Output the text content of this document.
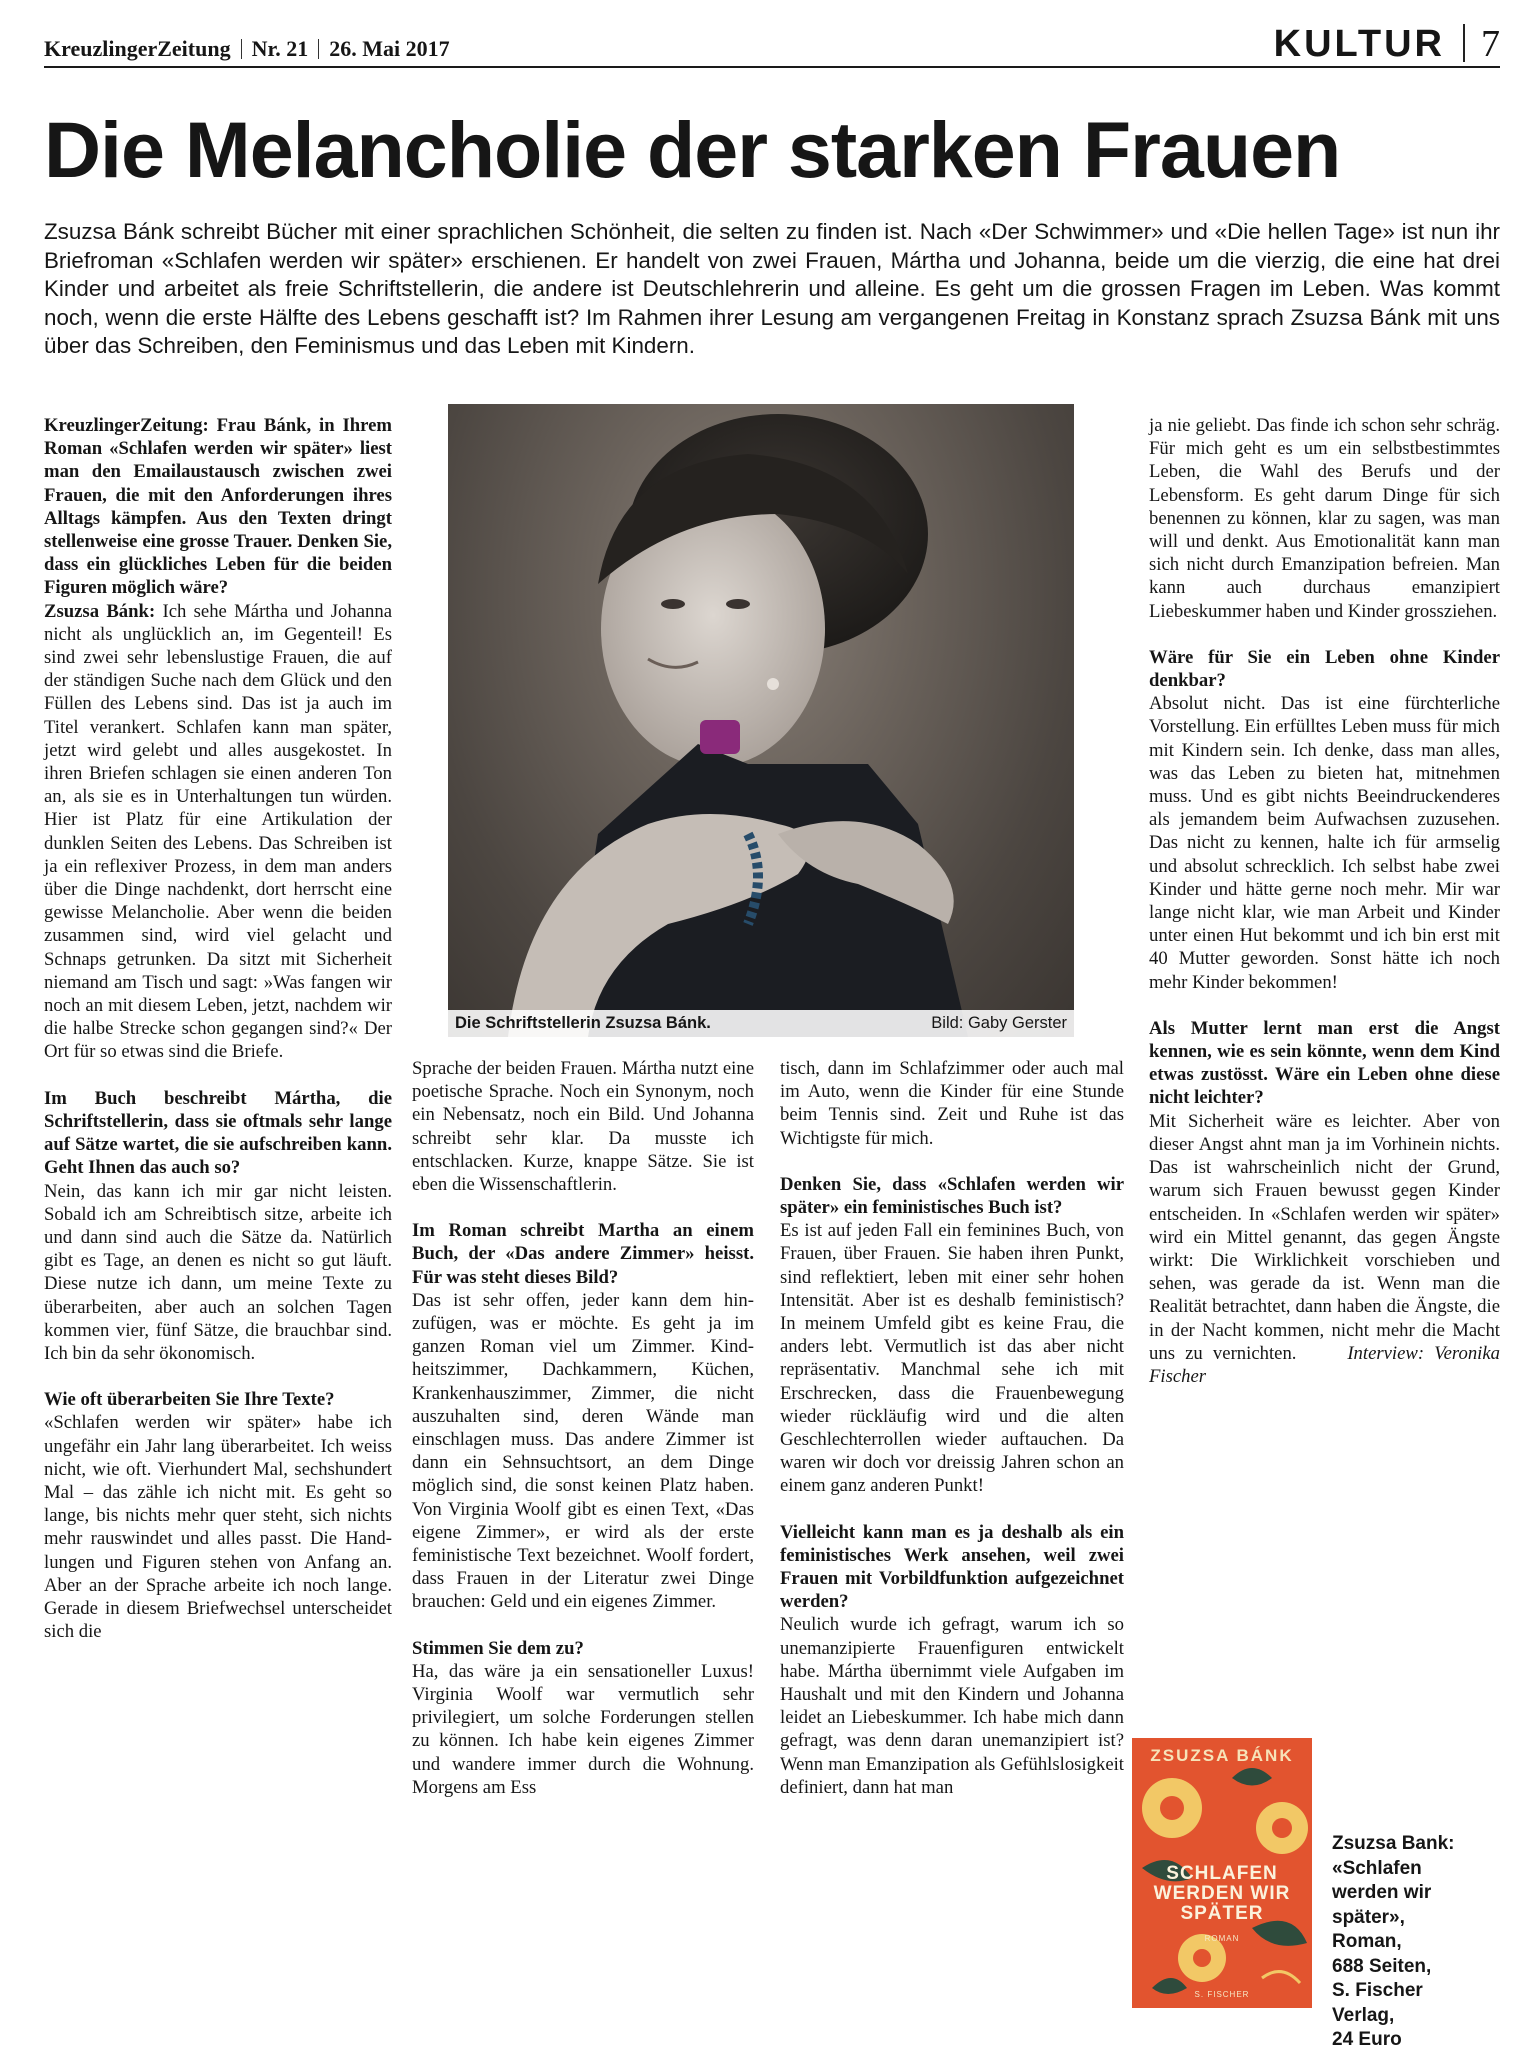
KreuzlingerZeitung Nr. 21 26. Mai 2017	KULTUR 7
Die Melancholie der starken Frauen
Zsuzsa Bánk schreibt Bücher mit einer sprachlichen Schönheit, die selten zu finden ist. Nach «Der Schwimmer» und «Die hellen Tage» ist nun ihr Briefroman «Schlafen werden wir später» erschienen. Er handelt von zwei Frauen, Mártha und Johanna, beide um die vierzig, die eine hat drei Kinder und arbeitet als freie Schriftstellerin, die andere ist Deutschlehrerin und alleine. Es geht um die grossen Fragen im Leben. Was kommt noch, wenn die erste Hälfte des Lebens geschafft ist? Im Rahmen ihrer Lesung am vergangenen Freitag in Konstanz sprach Zsuzsa Bánk mit uns über das Schreiben, den Feminismus und das Leben mit Kindern.

KreuzlingerZeitung: Frau Bánk, in Ihrem Roman «Schlafen werden wir später» liest man den Emailaustausch zwischen zwei Frauen, die mit den Anforderungen ihres Alltags kämpfen. Aus den Texten dringt stellenweise eine grosse Trauer. Denken Sie, dass ein glückliches Leben für die beiden Figuren möglich wäre?

Zsuzsa Bánk: Ich sehe Mártha und Johanna nicht als unglücklich an, im Gegenteil! Es sind zwei sehr lebenslustige Frauen, die auf der ständigen Suche nach dem Glück und den Füllen des Lebens sind. Das ist ja auch im Titel verankert. Schlafen kann man später, jetzt wird gelebt und alles ausgekostet. In ihren Briefen schlagen sie einen anderen Ton an, als sie es in Unterhaltungen tun würden. Hier ist Platz für eine Artikulation der dunklen Seiten des Lebens. Das Schreiben ist ja ein reflexiver Prozess, in dem man anders über die Dinge nachdenkt, dort herrscht eine gewisse Melancholie. Aber wenn die beiden zusammen sind, wird viel gelacht und Schnaps getrunken. Da sitzt mit Sicherheit niemand am Tisch und sagt: »Was fangen wir noch an mit diesem Leben, jetzt, nachdem wir die halbe Strecke schon gegangen sind?« Der Ort für so etwas sind die Briefe.

Im Buch beschreibt Mártha, die Schriftstellerin, dass sie oftmals sehr lange auf Sätze wartet, die sie aufschreiben kann. Geht Ihnen das auch so?

Nein, das kann ich mir gar nicht leisten. Sobald ich am Schreibtisch sitze, arbeite ich und dann sind auch die Sätze da. Natürlich gibt es Tage, an denen es nicht so gut läuft. Diese nutze ich dann, um meine Texte zu überarbeiten, aber auch an solchen Tagen kommen vier, fünf Sätze, die brauchbar sind. Ich bin da sehr ökonomisch.

Wie oft überarbeiten Sie Ihre Texte?

«Schlafen werden wir später» habe ich ungefähr ein Jahr lang überarbeitet. Ich weiss nicht, wie oft. Vierhundert Mal, sechshundert Mal – das zähle ich nicht mit. Es geht so lange, bis nichts mehr quer steht, sich nichts mehr rauswindet und alles passt. Die Handlungen und Figuren stehen von Anfang an. Aber an der Sprache arbeite ich noch lange. Gerade in diesem Briefwechsel unterscheidet sich die

Die Schriftstellerin Zsuzsa Bánk.	Bild: Gaby Gerster

Sprache der beiden Frauen. Mártha nutzt eine poetische Sprache. Noch ein Synonym, noch ein Nebensatz, noch ein Bild. Und Johanna schreibt sehr klar. Da musste ich entschlacken. Kurze, knappe Sätze. Sie ist eben die Wissenschaftlerin.

Im Roman schreibt Martha an einem Buch, der «Das andere Zimmer» heisst. Für was steht dieses Bild?

Das ist sehr offen, jeder kann dem hinzufügen, was er möchte. Es geht ja im ganzen Roman viel um Zimmer. Kindheitszimmer, Dachkammern, Küchen, Krankenhauszimmer, Zimmer, die nicht auszuhalten sind, deren Wände man einschlagen muss. Das andere Zimmer ist dann ein Sehnsuchtsort, an dem Dinge möglich sind, die sonst keinen Platz haben. Von Virginia Woolf gibt es einen Text, «Das eigene Zimmer», er wird als der erste feministische Text bezeichnet. Woolf fordert, dass Frauen in der Literatur zwei Dinge brauchen: Geld und ein eigenes Zimmer.

Stimmen Sie dem zu?

Ha, das wäre ja ein sensationeller Luxus! Virginia Woolf war vermutlich sehr privilegiert, um solche Forderungen stellen zu können. Ich habe kein eigenes Zimmer und wandere immer durch die Wohnung. Morgens am Ess

tisch, dann im Schlafzimmer oder auch mal im Auto, wenn die Kinder für eine Stunde beim Tennis sind. Zeit und Ruhe ist das Wichtigste für mich.

Denken Sie, dass «Schlafen werden wir später» ein feministisches Buch ist?

Es ist auf jeden Fall ein feminines Buch, von Frauen, über Frauen. Sie haben ihren Punkt, sind reflektiert, leben mit einer sehr hohen Intensität. Aber ist es deshalb feministisch? In meinem Umfeld gibt es keine Frau, die anders lebt. Vermutlich ist das aber nicht repräsentativ. Manchmal sehe ich mit Erschrecken, dass die Frauenbewegung wieder rückläufig wird und die alten Geschlechterrollen wieder auftauchen. Da waren wir doch vor dreissig Jahren schon an einem ganz anderen Punkt!

Vielleicht kann man es ja deshalb als ein feministisches Werk ansehen, weil zwei Frauen mit Vorbildfunktion aufgezeichnet werden?

Neulich wurde ich gefragt, warum ich so unemanzipierte Frauenfiguren entwickelt habe. Mártha übernimmt viele Aufgaben im Haushalt und mit den Kindern und Johanna leidet an Liebeskummer. Ich habe mich dann gefragt, was denn daran unemanzipiert ist? Wenn man Emanzipation als Gefühlslosigkeit definiert, dann hat man

ja nie geliebt. Das finde ich schon sehr schräg. Für mich geht es um ein selbstbestimmtes Leben, die Wahl des Berufs und der Lebensform. Es geht darum Dinge für sich benennen zu können, klar zu sagen, was man will und denkt. Aus Emotionalität kann man sich nicht durch Emanzipation befreien. Man kann auch durchaus emanzipiert Liebeskummer haben und Kinder grossziehen.

Wäre für Sie ein Leben ohne Kinder denkbar?

Absolut nicht. Das ist eine fürchterliche Vorstellung. Ein erfülltes Leben muss für mich mit Kindern sein. Ich denke, dass man alles, was das Leben zu bieten hat, mitnehmen muss. Und es gibt nichts Beeindruckenderes als jemandem beim Aufwachsen zuzusehen. Das nicht zu kennen, halte ich für armselig und absolut schrecklich. Ich selbst habe zwei Kinder und hätte gerne noch mehr. Mir war lange nicht klar, wie man Arbeit und Kinder unter einen Hut bekommt und ich bin erst mit 40 Mutter geworden. Sonst hätte ich noch mehr Kinder bekommen!

Als Mutter lernt man erst die Angst kennen, wie es sein könnte, wenn dem Kind etwas zustösst. Wäre ein Leben ohne diese nicht leichter?

Mit Sicherheit wäre es leichter. Aber von dieser Angst ahnt man ja im Vorhinein nichts. Das ist wahrscheinlich nicht der Grund, warum sich Frauen bewusst gegen Kinder entscheiden. In «Schlafen werden wir später» wird ein Mittel genannt, das gegen Ängste wirkt: Die Wirklichkeit vorschieben und sehen, was gerade da ist. Wenn man die Realität betrachtet, dann haben die Ängste, die in der Nacht kommen, nicht mehr die Macht uns zu vernichten.	Interview: Veronika Fischer

ZSUZSA BÁNK
SCHLAFEN
WERDEN WIR
SPÄTER
ROMAN
S. FISCHER
Zsuzsa Bank:
«Schlafen
werden wir
später»,
Roman,
688 Seiten,
S. Fischer
Verlag,
24 Euro
